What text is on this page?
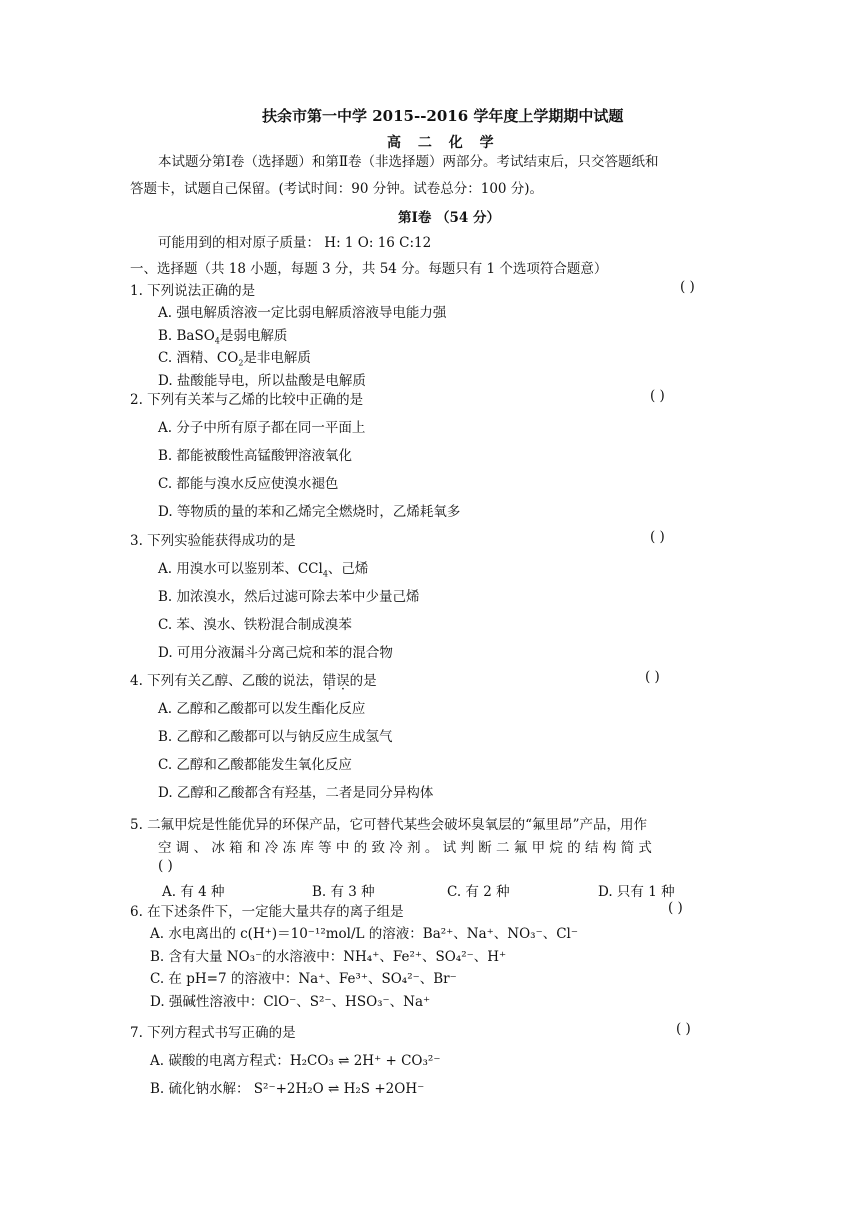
扶余市第一中学 2015--2016 学年度上学期期中试题
高 二 化 学
本试题分第Ⅰ卷（选择题）和第Ⅱ卷（非选择题）两部分。考试结束后，只交答题纸和
答题卡，试题自己保留。(考试时间：90 分钟。试卷总分：100 分)。
第Ⅰ卷 （54 分）
可能用到的相对原子质量： H: 1 O: 16 C:12
一、选择题（共 18 小题，每题 3 分，共 54 分。每题只有 1 个选项符合题意）
1. 下列说法正确的是	( )
A. 强电解质溶液一定比弱电解质溶液导电能力强
B. BaSO$_4$是弱电解质
C. 酒精、$CO_2$是非电解质
D. 盐酸能导电，所以盐酸是电解质
2. 下列有关苯与乙烯的比较中正确的是	( )
A. 分子中所有原子都在同一平面上
B. 都能被酸性高锰酸钾溶液氧化
C. 都能与溴水反应使溴水褪色
D. 等物质的量的苯和乙烯完全燃烧时，乙烯耗氧多
3. 下列实验能获得成功的是	( )
A. 用溴水可以鉴别苯、CCl$_4$、己烯
B. 加浓溴水，然后过滤可除去苯中少量己烯
C. 苯、溴水、铁粉混合制成溴苯
D. 可用分液漏斗分离己烷和苯的混合物
4. 下列有关乙醇、乙酸的说法，错误的是	( )
A. 乙醇和乙酸都可以发生酯化反应
B. 乙醇和乙酸都可以与钠反应生成氢气
C. 乙醇和乙酸都能发生氧化反应
D. 乙醇和乙酸都含有羟基，二者是同分异构体
5. 二氟甲烷是性能优异的环保产品，它可替代某些会破坏臭氧层的“氟里昂”产品，用作
空 调 、 冰 箱 和 冷 冻 库 等 中 的 致 冷 剂 。 试 判 断 二 氟 甲 烷 的 结 构 简 式
( )
A. 有 4 种	B. 有 3 种	C. 有 2 种	D. 只有 1 种
6. 在下述条件下，一定能大量共存的离子组是	( )
A. 水电离出的 c(H⁺)＝10⁻¹²mol/L 的溶液：Ba²⁺、Na⁺、NO₃⁻、Cl⁻
B. 含有大量 NO₃⁻的水溶液中：NH₄⁺、Fe²⁺、SO₄²⁻、H⁺
C. 在 pH=7 的溶液中：Na⁺、Fe³⁺、SO₄²⁻、Br⁻
D. 强碱性溶液中：ClO⁻、S²⁻、HSO₃⁻、Na⁺
7. 下列方程式书写正确的是	( )
A. 碳酸的电离方程式：H₂CO₃ ⇌ 2H⁺ + CO₃²⁻
B. 硫化钠水解： S²⁻+2H₂O ⇌ H₂S +2OH⁻
